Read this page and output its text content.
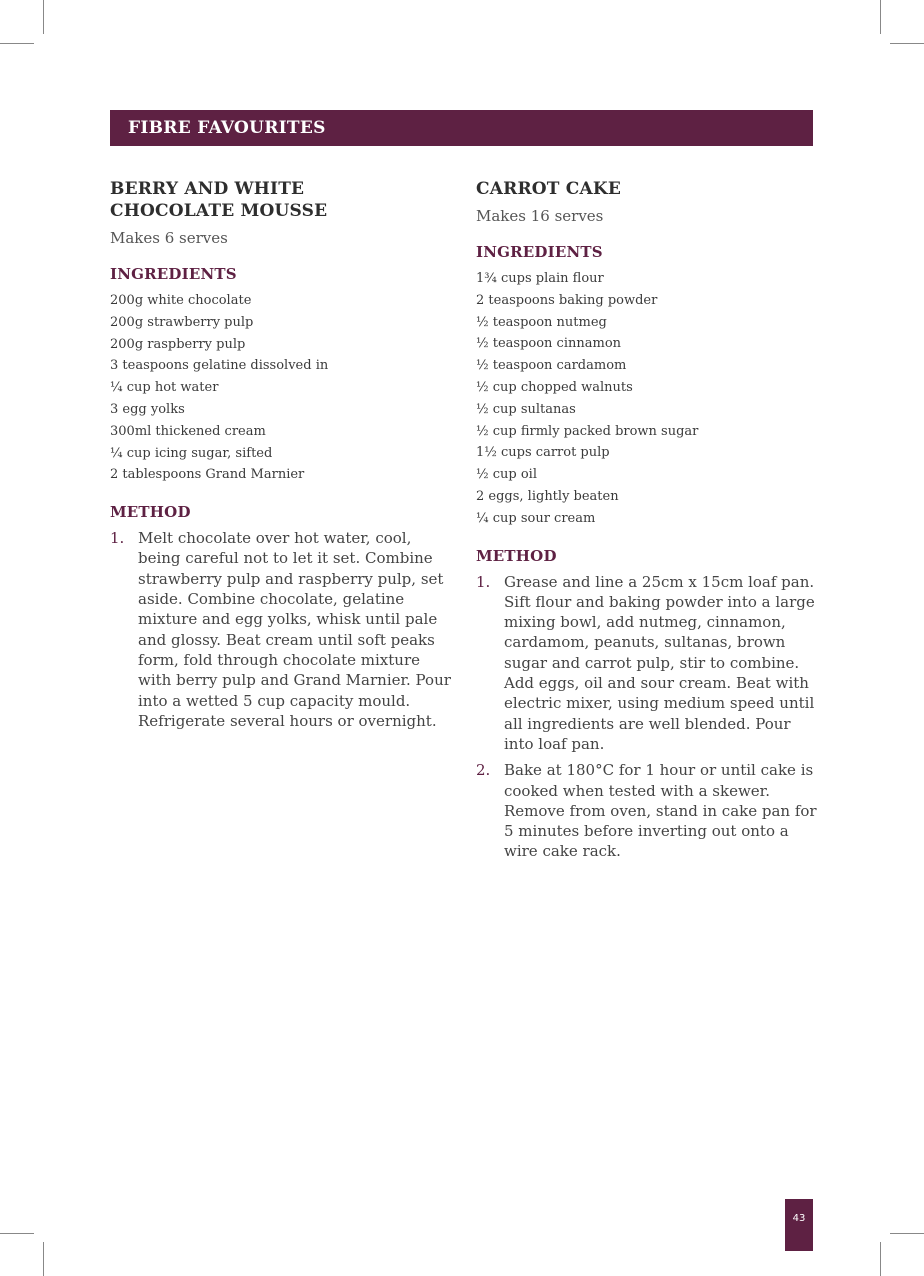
FIBRE FAVOURITES
BERRY AND WHITE
CHOCOLATE MOUSSE

Makes 6 serves

INGREDIENTS
200g white chocolate
200g strawberry pulp
200g raspberry pulp
3 teaspoons gelatine dissolved in
¼ cup hot water
3 egg yolks
300ml thickened cream
¼ cup icing sugar, sifted
2 tablespoons Grand Marnier
METHOD
1. Melt chocolate over hot water, cool, being careful not to let it set. Combine strawberry pulp and raspberry pulp, set aside. Combine chocolate, gelatine mixture and egg yolks, whisk until pale and glossy. Beat cream until soft peaks form, fold through chocolate mixture with berry pulp and Grand Marnier. Pour into a wetted 5 cup capacity mould. Refrigerate several hours or overnight.
CARROT CAKE

Makes 16 serves

INGREDIENTS
1¾ cups plain flour
2 teaspoons baking powder
½ teaspoon nutmeg
½ teaspoon cinnamon
½ teaspoon cardamom
½ cup chopped walnuts
½ cup sultanas
½ cup firmly packed brown sugar
1½ cups carrot pulp
½ cup oil
2 eggs, lightly beaten
¼ cup sour cream
METHOD
1. Grease and line a 25cm x 15cm loaf pan. Sift flour and baking powder into a large mixing bowl, add nutmeg, cinnamon, cardamom, peanuts, sultanas, brown sugar and carrot pulp, stir to combine. Add eggs, oil and sour cream. Beat with electric mixer, using medium speed until all ingredients are well blended. Pour into loaf pan.
2. Bake at 180°C for 1 hour or until cake is cooked when tested with a skewer. Remove from oven, stand in cake pan for 5 minutes before inverting out onto a wire cake rack.
43
